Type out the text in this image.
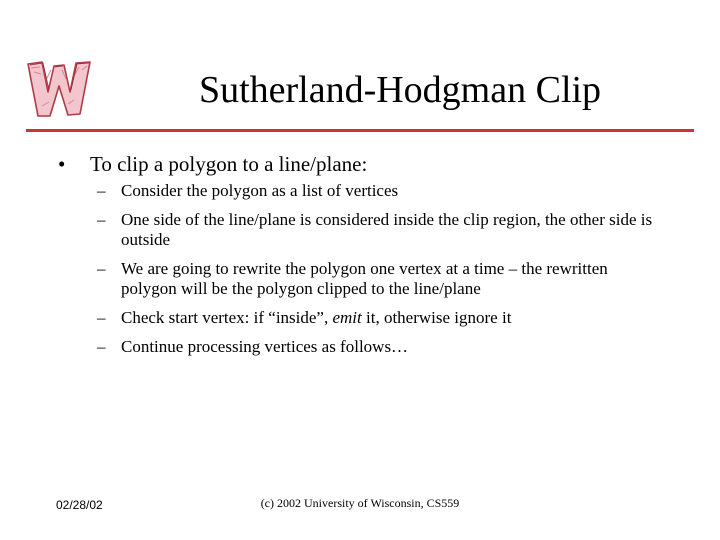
Sutherland-Hodgman Clip
•	To clip a polygon to a line/plane:
– Consider the polygon as a list of vertices
– One side of the line/plane is considered inside the clip region, the other side is outside
– We are going to rewrite the polygon one vertex at a time – the rewritten polygon will be the polygon clipped to the line/plane
– Check start vertex: if “inside”, emit it, otherwise ignore it
– Continue processing vertices as follows…
02/28/02	(c) 2002 University of Wisconsin, CS559
